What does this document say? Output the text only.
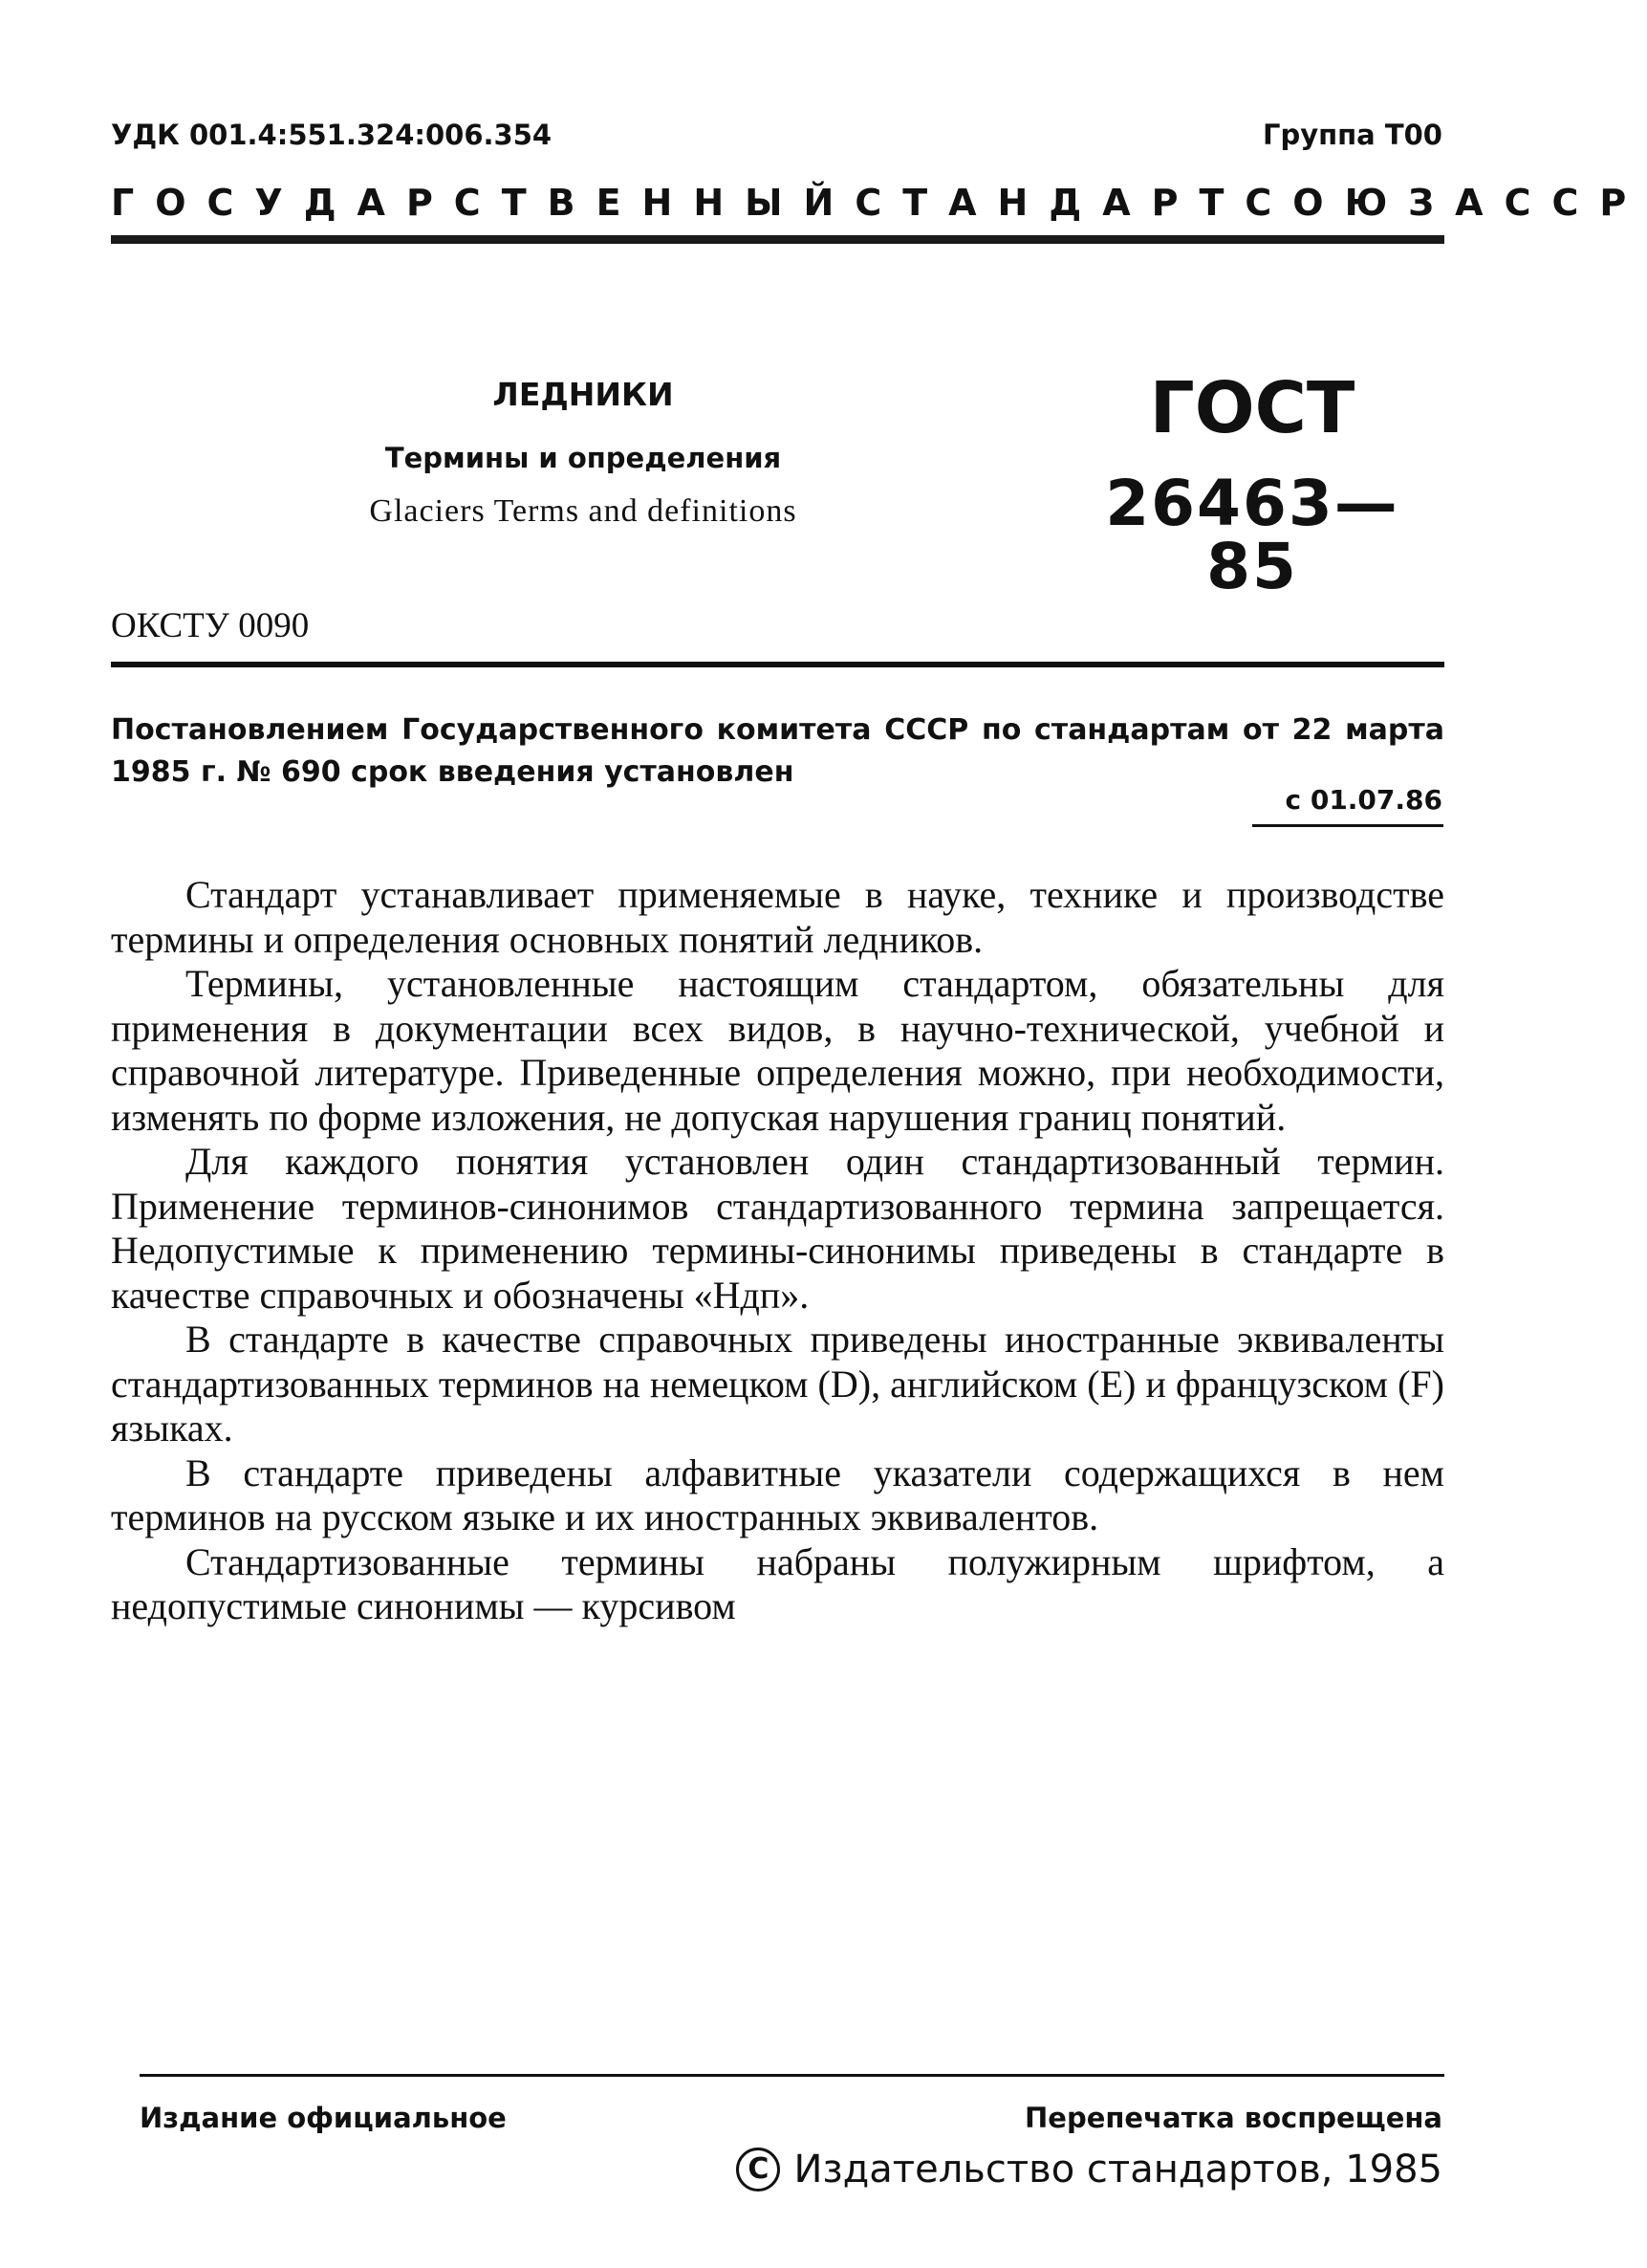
УДК 001.4:551.324:006.354	Группа Т00
ГОСУДАРСТВЕННЫЙ СТАНДАРТ СОЮЗА ССР
ЛЕДНИКИ
Термины и определения
Glaciers Terms and definitions
ГОСТ
26463—85
ОКСТУ 0090
Постановлением Государственного комитета СССР по стандартам от 22 марта 1985 г. № 690 срок введения установлен
с 01.07.86

Стандарт устанавливает применяемые в науке, технике и производстве термины и определения основных понятий ледников.

Термины, установленные настоящим стандартом, обязательны для применения в документации всех видов, в научно-технической, учебной и справочной литературе. Приведенные определения можно, при необходимости, изменять по форме изложения, не допуская нарушения границ понятий.

Для каждого понятия установлен один стандартизованный термин. Применение терминов-синонимов стандартизованного термина запрещается. Недопустимые к применению термины-синонимы приведены в стандарте в качестве справочных и обозначены «Ндп».

В стандарте в качестве справочных приведены иностранные эквиваленты стандартизованных терминов на немецком (D), английском (E) и французском (F) языках.

В стандарте приведены алфавитные указатели содержащихся в нем терминов на русском языке и их иностранных эквивалентов.

Стандартизованные термины набраны полужирным шрифтом, а недопустимые синонимы — курсивом

Издание официальное	Перепечатка воспрещена
C Издательство стандартов, 1985
